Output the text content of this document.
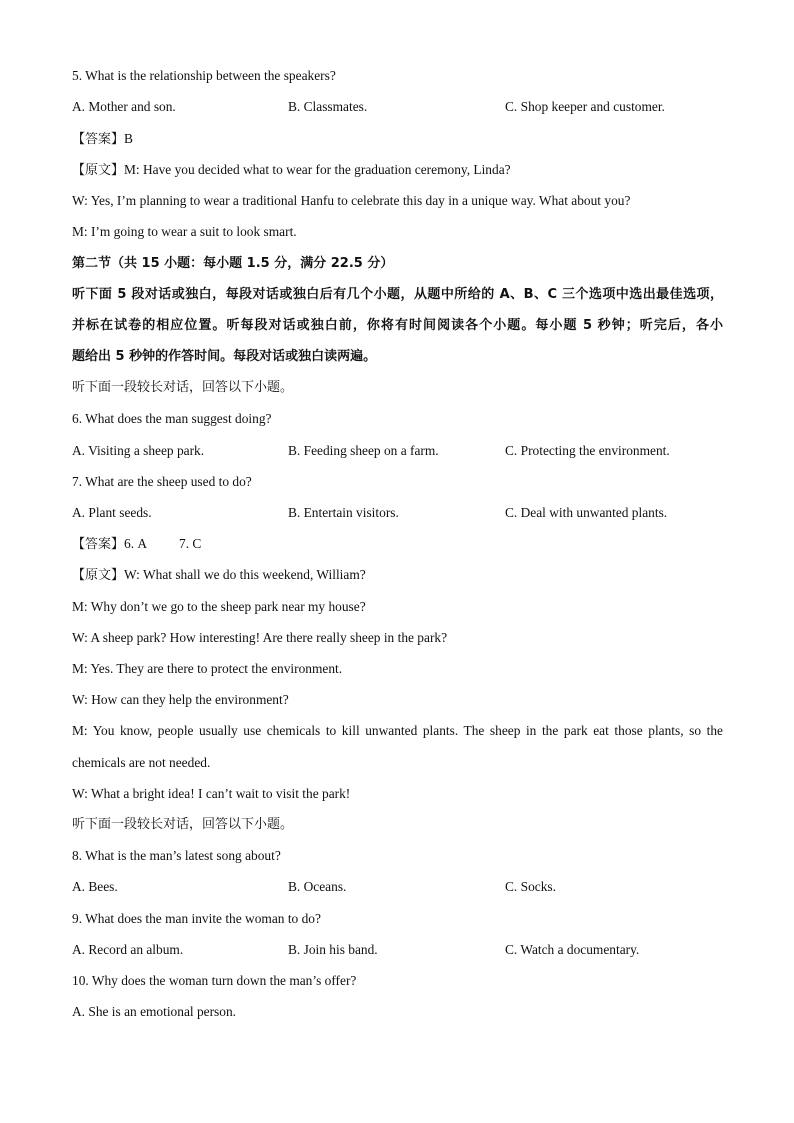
5. What is the relationship between the speakers?
A. Mother and son.	B. Classmates.	C. Shop keeper and customer.
【答案】B
【原文】M: Have you decided what to wear for the graduation ceremony, Linda?
W: Yes, I’m planning to wear a traditional Hanfu to celebrate this day in a unique way. What about you?
M: I’m going to wear a suit to look smart.
第二节（共 15 小题：每小题 1.5 分，满分 22.5 分）
听下面 5 段对话或独白，每段对话或独白后有几个小题，从题中所给的 A、B、C 三个选项中选出最佳选项，
并标在试卷的相应位置。听每段对话或独白前，你将有时间阅读各个小题。每小题 5 秒钟；听完后，各小
题给出 5 秒钟的作答时间。每段对话或独白读两遍。
听下面一段较长对话，回答以下小题。
6. What does the man suggest doing?
A. Visiting a sheep park.	B. Feeding sheep on a farm.	C. Protecting the environment.
7. What are the sheep used to do?
A. Plant seeds.	B. Entertain visitors.	C. Deal with unwanted plants.
【答案】6. A 7. C
【原文】W: What shall we do this weekend, William?
M: Why don’t we go to the sheep park near my house?
W: A sheep park? How interesting! Are there really sheep in the park?
M: Yes. They are there to protect the environment.
W: How can they help the environment?
M: You know, people usually use chemicals to kill unwanted plants. The sheep in the park eat those plants, so the
chemicals are not needed.
W: What a bright idea! I can’t wait to visit the park!
听下面一段较长对话，回答以下小题。
8. What is the man’s latest song about?
A. Bees.	B. Oceans.	C. Socks.
9. What does the man invite the woman to do?
A. Record an album.	B. Join his band.	C. Watch a documentary.
10. Why does the woman turn down the man’s offer?
A. She is an emotional person.
